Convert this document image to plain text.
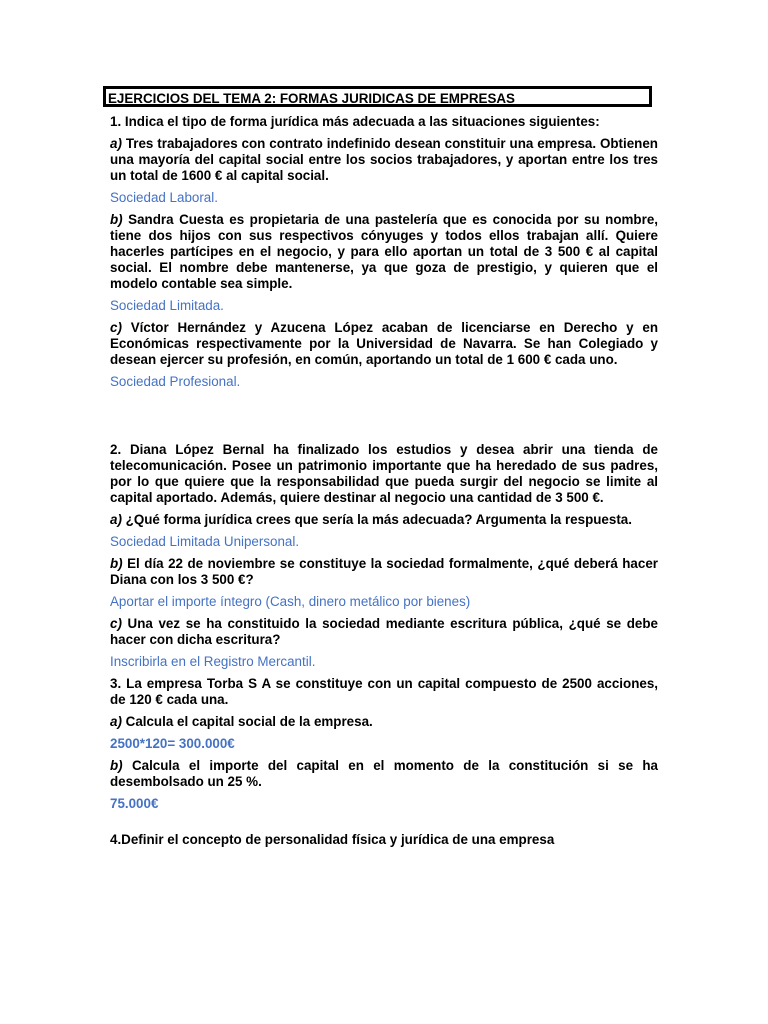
EJERCICIOS DEL TEMA 2: FORMAS JURIDICAS DE EMPRESAS

1. Indica el tipo de forma jurídica más adecuada a las situaciones siguientes:

a) Tres trabajadores con contrato indefinido desean constituir una empresa. Obtienen una mayoría del capital social entre los socios trabajadores, y aportan entre los tres un total de 1600 € al capital social.

Sociedad Laboral.

b) Sandra Cuesta es propietaria de una pastelería que es conocida por su nombre, tiene dos hijos con sus respectivos cónyuges y todos ellos trabajan allí. Quiere hacerles partícipes en el negocio, y para ello aportan un total de 3 500 € al capital social. El nombre debe mantenerse, ya que goza de prestigio, y quieren que el modelo contable sea simple.

Sociedad Limitada.

c) Víctor Hernández y Azucena López acaban de licenciarse en Derecho y en Económicas respectivamente por la Universidad de Navarra. Se han Colegiado y desean ejercer su profesión, en común, aportando un total de 1 600 € cada uno.

Sociedad Profesional.

2. Diana López Bernal ha finalizado los estudios y desea abrir una tienda de telecomunicación. Posee un patrimonio importante que ha heredado de sus padres, por lo que quiere que la responsabilidad que pueda surgir del negocio se limite al capital aportado. Además, quiere destinar al negocio una cantidad de 3 500 €.

a) ¿Qué forma jurídica crees que sería la más adecuada? Argumenta la respuesta.

Sociedad Limitada Unipersonal.

b) El día 22 de noviembre se constituye la sociedad formalmente, ¿qué deberá hacer Diana con los 3 500 €?

Aportar el importe íntegro (Cash, dinero metálico por bienes)

c) Una vez se ha constituido la sociedad mediante escritura pública, ¿qué se debe hacer con dicha escritura?

Inscribirla en el Registro Mercantil.

3. La empresa Torba S A se constituye con un capital compuesto de 2500 acciones, de 120 € cada una.

a) Calcula el capital social de la empresa.

2500*120= 300.000€

b) Calcula el importe del capital en el momento de la constitución si se ha desembolsado un 25 %.

75.000€

4.Definir el concepto de personalidad física y jurídica de una empresa
